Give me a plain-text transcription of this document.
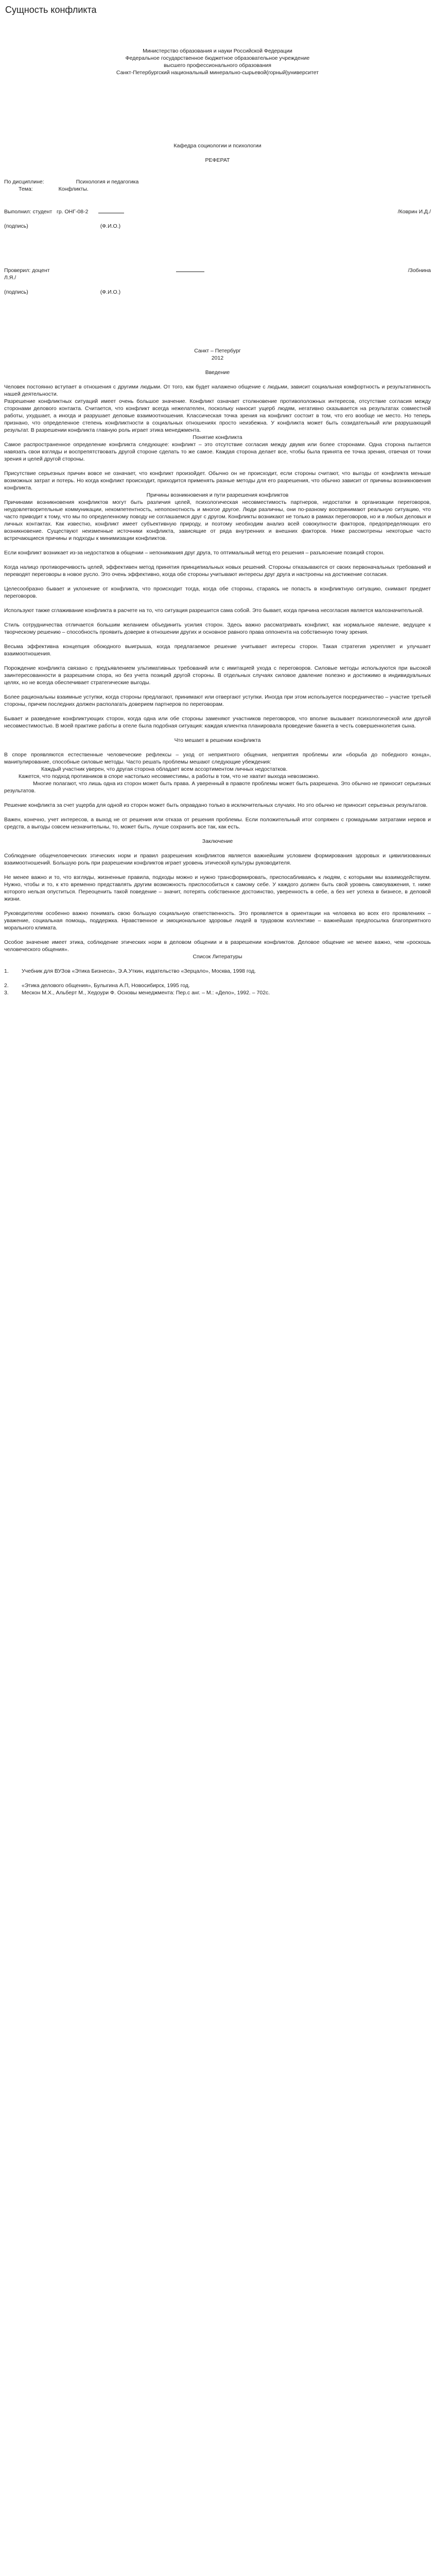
Сущность конфликта

Министерство образования и науки Российской Федерации

Федеральное государственное бюджетное образовательное учреждение

высшего профессионального образования

Санкт-Петербургский национальный минерально-сырьевой(горный)университет

Кафедра социологии и психологии

РЕФЕРАТ

По дисциплине:	Психология и педагогика
Тема:	Конфликты.
Выполнил: студент   гр. ОНГ-08-2	/Коврин И.Д./
(подпись)	(Ф.И.О.)
Проверил: доцент	/Зобнина

Л.Я./

(подпись)	(Ф.И.О.)

Санкт – Петербург

2012

Введение

Человек постоянно вступает в отношения с другими людьми. От того, как будет налажено общение с людьми, зависит социальная комфортность и результативность нашей деятельности.

Разрешение конфликтных ситуаций имеет очень большое значение. Конфликт означает столкновение противоположных интересов, отсутствие согласия между сторонами делового контакта. Считается, что конфликт всегда нежелателен, поскольку наносит ущерб людям, негативно сказывается на результатах совместной работы, ухудшает, а иногда и разрушает деловые взаимоотношения. Классическая точка зрения на конфликт состоит в том, что его вообще не место. Но теперь признано, что определенное степень конфликтности в социальных отношениях просто неизбежна. У конфликта может быть созидательный или разрушающий результат. В разрешении конфликта главную роль играет этика менеджмента.

Понятие конфликта

Самое распространенное определение конфликта следующее: конфликт – это отсутствие согласия между двумя или более сторонами. Одна сторона пытается навязать свои взгляды и воспрепятствовать другой стороне сделать то же самое. Каждая сторона делает все, чтобы была принята ее точка зрения, отвечая от точки зрения и целей другой стороны.

Присутствие серьезных причин вовсе не означает, что конфликт произойдет. Обычно он не происходит, если стороны считают, что выгоды от конфликта меньше возможных затрат и потерь. Но когда конфликт происходит, приходится применять разные методы для его разрешения, что обычно зависит от причины возникновения конфликта.

Причины возникновения и пути разрешения конфликтов

Причинами возникновения конфликтов могут быть различия целей, психологическая несовместимость партнеров, недостатки в организации переговоров, неудовлетворительные коммуникации, некомпетентность, непопонотность и многое другое. Люди различны, они по-разному воспринимают реальную ситуацию, что часто приводит к тому, что мы по определенному поводу не соглашаемся друг с другом. Конфликты возникают не только в рамках переговоров, но и в любых деловых и личных контактах. Как известно, конфликт имеет субъективную природу, и поэтому необходим анализ всей совокупности факторов, предопределяющих его возникновение. Существуют неизменные источники конфликта, зависящие от ряда внутренних и внешних факторов. Ниже рассмотрены некоторые часто встречающиеся причины и подходы к минимизации конфликтов.

Если конфликт возникает из-за недостатков в общении – непонимания друг друга, то оптимальный метод его решения – разъяснение позиций сторон.

Когда налицо противоречивость целей, эффективен метод принятия принципиальных новых решений. Стороны отказываются от своих первоначальных требований и переводят переговоры в новое русло. Это очень эффективно, когда обе стороны учитывают интересы друг друга и настроены на достижение согласия.

Целесообразно бывает и уклонение от конфликта, что происходит тогда, когда обе стороны, стараясь не попасть в конфликтную ситуацию, снимают предмет переговоров.

Используют также сглаживание конфликта в расчете на то, что ситуация разрешится сама собой. Это бывает, когда причина несогласия является малозначительной.

Стиль сотрудничества отличается большим желанием объединить усилия сторон. Здесь важно рассматривать конфликт, как нормальное явление, ведущее к творческому решению – способность проявить доверие в отношении других и основное равного права оппонента на собственную точку зрения.

Весьма эффективна концепция обоюдного выигрыша, когда предлагаемое решение учитывает интересы сторон. Такая стратегия укрепляет и улучшает взаимоотношения.

Порождение конфликта связано с предъявлением ультимативных требований или с имитацией ухода с переговоров. Силовые методы используются при высокой заинтересованности в разрешении спора, но без учета позиций другой стороны. В отдельных случаях силовое давление полезно и достижимо в индивидуальных целях, но не всегда обеспечивает стратегические выгоды.

Более рациональны взаимные уступки, когда стороны предлагают, принимают или отвергают уступки. Иногда при этом используется посредничество – участие третьей стороны, причем последних должен располагать доверием партнеров по переговорам.

Бывает и разведение конфликтующих сторон, когда одна или обе стороны заменяют участников переговоров, что вполне вызывает психологической или другой несовместимостью. В моей практике работы в отеле была подобная ситуация: каждая клиентка планировала проведение банкета в честь совершеннолетия сына.

Что мешает в решении конфликта

В споре проявляются естественные человеческие рефлексы – уход от неприятного общения, неприятия проблемы или «борьба до победного конца», манипулирование, способные силовые методы. Часто решать проблемы мешают следующие убеждения:

Каждый участник уверен, что другая сторона обладает всем ассортиментом личных недостатков.

Кажется, что подход противников в споре настолько несовместимы, а работы в том, что не хватит выхода невозможно.

Многие полагают, что лишь одна из сторон может быть права. А уверенный в правоте проблемы может быть разрешена. Это обычно не приносит серьезных результатов.

Решение конфликта за счет ущерба для одной из сторон может быть оправдано только в исключительных случаях. Но это обычно не приносит серьезных результатов.

Важен, конечно, учет интересов, а выход не от решения или отказа от решения проблемы. Если положительный итог сопряжен с громадными затратами нервов и средств, а выгоды совсем незначительны, то, может быть, лучше сохранить все так, как есть.

Заключение

Соблюдение общечеловеческих этических норм и правил разрешения конфликтов является важнейшим условием формирования здоровых и цивилизованных взаимоотношений. Большую роль при разрешении конфликтов играет уровень этической культуры руководителя.

Не менее важно и то, что взгляды, жизненные правила, подходы можно и нужно трансформировать, приспосабливаясь к людям, с которыми мы взаимодействуем. Нужно, чтобы и то, к кто временно представлять другим возможность приспособиться к самому себе. У каждого должен быть свой уровень самоуважения, т. ниже которого нельзя опуститься. Переоценить такой поведение – значит, потерять собственное достоинство, уверенность в себе, а без нет успеха в бизнесе, в деловой жизни.

Руководителям особенно важно понимать свою большую социальную ответственность. Это проявляется в ориентации на человека во всех его проявлениях – уважение, социальная помощь, поддержка. Нравственное и эмоциональное здоровье людей в трудовом коллективе – важнейшая предпосылка благоприятного морального климата.

Особое значение имеет этика, соблюдение этических норм в деловом общении и в разрешении конфликтов. Деловое общение не менее важно, чем «роскошь человеческого общения».

Список Литературы

1.	Учебник для ВУЗов «Этика Бизнеса», Э.А.Уткин, издательство «Зерцало», Москва, 1998 год.
2.	«Этика делового общения», Булыгина А.П, Новосибирск, 1995 год.
3.	Мескон М.Х., Альберт М., Хедоури Ф. Основы менеджмента: Пер.с анг. – М.: «Дело», 1992. – 702с.
